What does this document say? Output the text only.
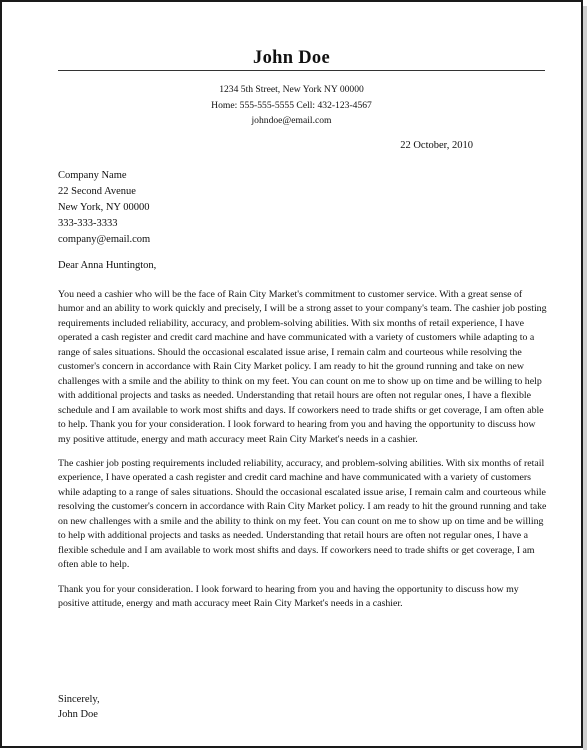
John Doe
1234 5th Street, New York NY 00000
Home: 555-555-5555 Cell: 432-123-4567
johndoe@email.com
22 October, 2010
Company Name
22 Second Avenue
New York, NY 00000
333-333-3333
company@email.com
Dear Anna Huntington,

You need a cashier who will be the face of Rain City Market's commitment to customer service. With a great sense of humor and an ability to work quickly and precisely, I will be a strong asset to your company's team. The cashier job posting requirements included reliability, accuracy, and problem-solving abilities. With six months of retail experience, I have operated a cash register and credit card machine and have communicated with a variety of customers while adapting to a range of sales situations. Should the occasional escalated issue arise, I remain calm and courteous while resolving the customer's concern in accordance with Rain City Market policy. I am ready to hit the ground running and take on new challenges with a smile and the ability to think on my feet. You can count on me to show up on time and be willing to help with additional projects and tasks as needed. Understanding that retail hours are often not regular ones, I have a flexible schedule and I am available to work most shifts and days. If coworkers need to trade shifts or get coverage, I am often able to help. Thank you for your consideration. I look forward to hearing from you and having the opportunity to discuss how my positive attitude, energy and math accuracy meet Rain City Market's needs in a cashier.

The cashier job posting requirements included reliability, accuracy, and problem-solving abilities. With six months of retail experience, I have operated a cash register and credit card machine and have communicated with a variety of customers while adapting to a range of sales situations. Should the occasional escalated issue arise, I remain calm and courteous while resolving the customer's concern in accordance with Rain City Market policy. I am ready to hit the ground running and take on new challenges with a smile and the ability to think on my feet. You can count on me to show up on time and be willing to help with additional projects and tasks as needed. Understanding that retail hours are often not regular ones, I have a flexible schedule and I am available to work most shifts and days. If coworkers need to trade shifts or get coverage, I am often able to help.

Thank you for your consideration. I look forward to hearing from you and having the opportunity to discuss how my positive attitude, energy and math accuracy meet Rain City Market's needs in a cashier.

Sincerely,
John Doe
